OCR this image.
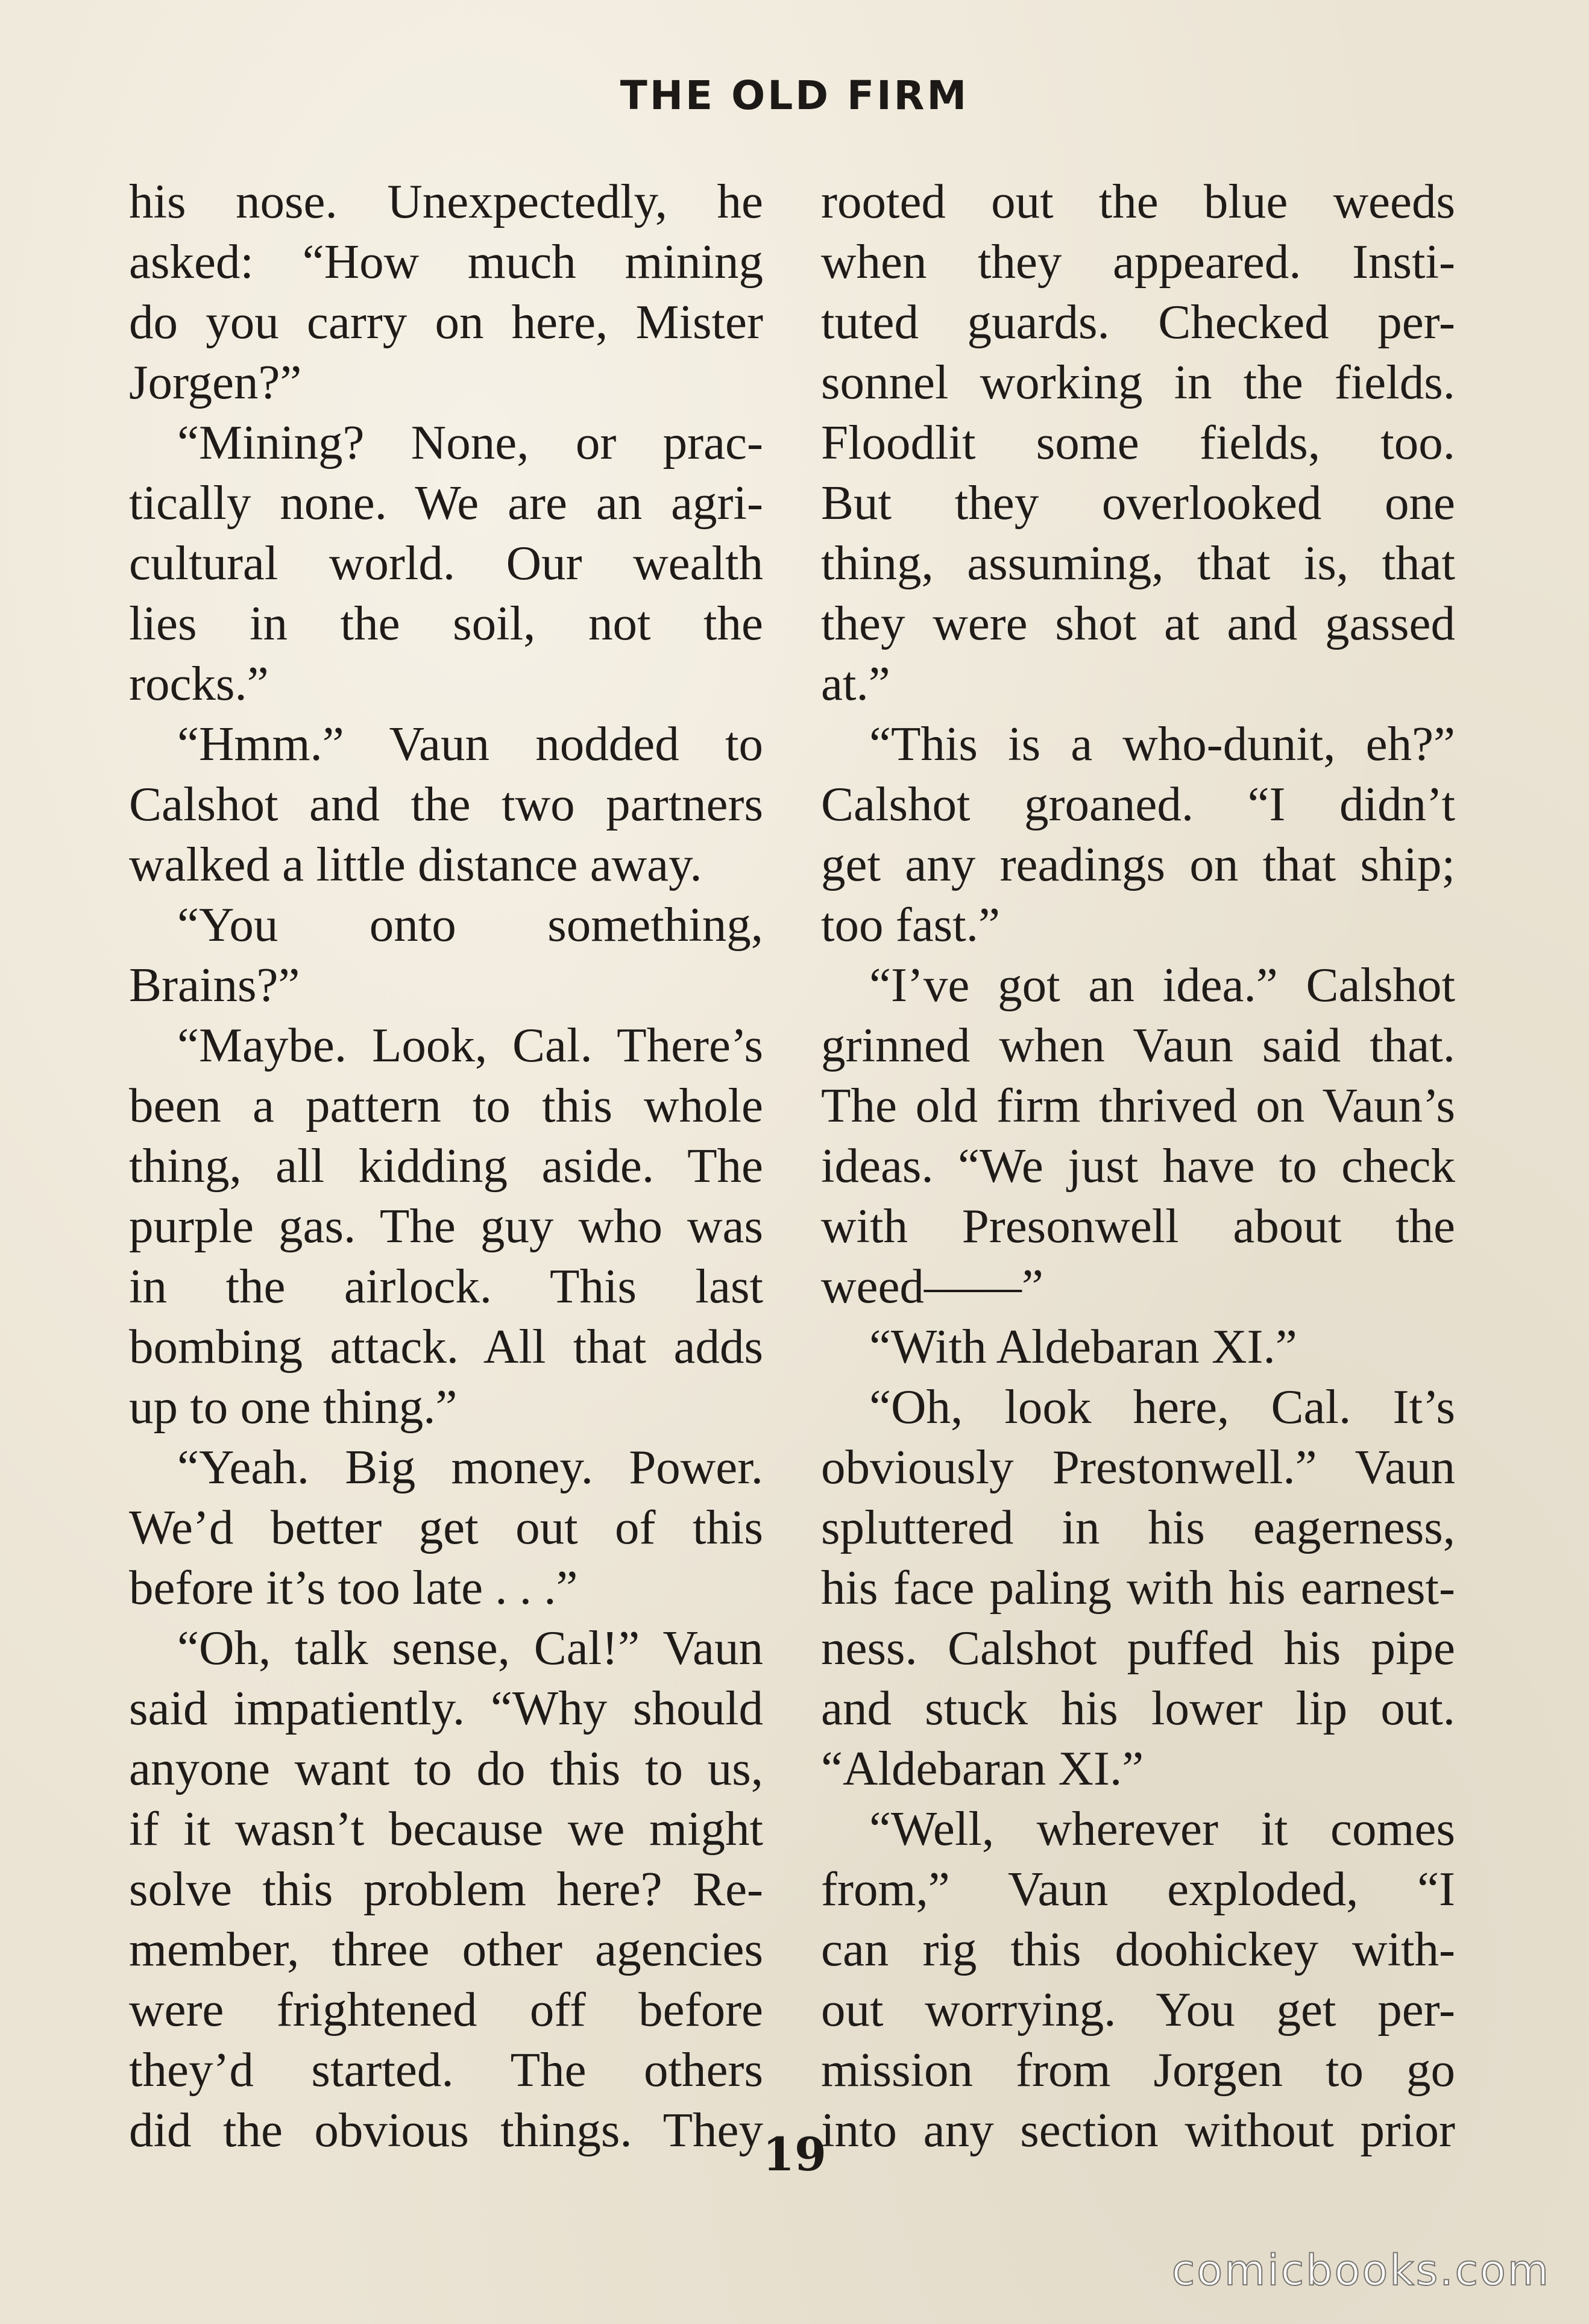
THE OLD FIRM
his nose. Unexpectedly, he
asked: “How much mining
do you carry on here, Mister
Jorgen?”
“Mining? None, or prac-
tically none. We are an agri-
cultural world. Our wealth
lies in the soil, not the
rocks.”
“Hmm.” Vaun nodded to
Calshot and the two partners
walked a little distance away.
“You onto something,
Brains?”
“Maybe. Look, Cal. There’s
been a pattern to this whole
thing, all kidding aside. The
purple gas. The guy who was
in the airlock. This last
bombing attack. All that adds
up to one thing.”
“Yeah. Big money. Power.
We’d better get out of this
before it’s too late . . .”
“Oh, talk sense, Cal!” Vaun
said impatiently. “Why should
anyone want to do this to us,
if it wasn’t because we might
solve this problem here? Re-
member, three other agencies
were frightened off before
they’d started. The others
did the obvious things. They
rooted out the blue weeds
when they appeared. Insti-
tuted guards. Checked per-
sonnel working in the fields.
Floodlit some fields, too.
But they overlooked one
thing, assuming, that is, that
they were shot at and gassed
at.”
“This is a who-dunit, eh?”
Calshot groaned. “I didn’t
get any readings on that ship;
too fast.”
“I’ve got an idea.” Calshot
grinned when Vaun said that.
The old firm thrived on Vaun’s
ideas. “We just have to check
with Presonwell about the
weed——”
“With Aldebaran XI.”
“Oh, look here, Cal. It’s
obviously Prestonwell.” Vaun
spluttered in his eagerness,
his face paling with his earnest-
ness. Calshot puffed his pipe
and stuck his lower lip out.
“Aldebaran XI.”
“Well, wherever it comes
from,” Vaun exploded, “I
can rig this doohickey with-
out worrying. You get per-
mission from Jorgen to go
into any section without prior
19
comicbooks.com
